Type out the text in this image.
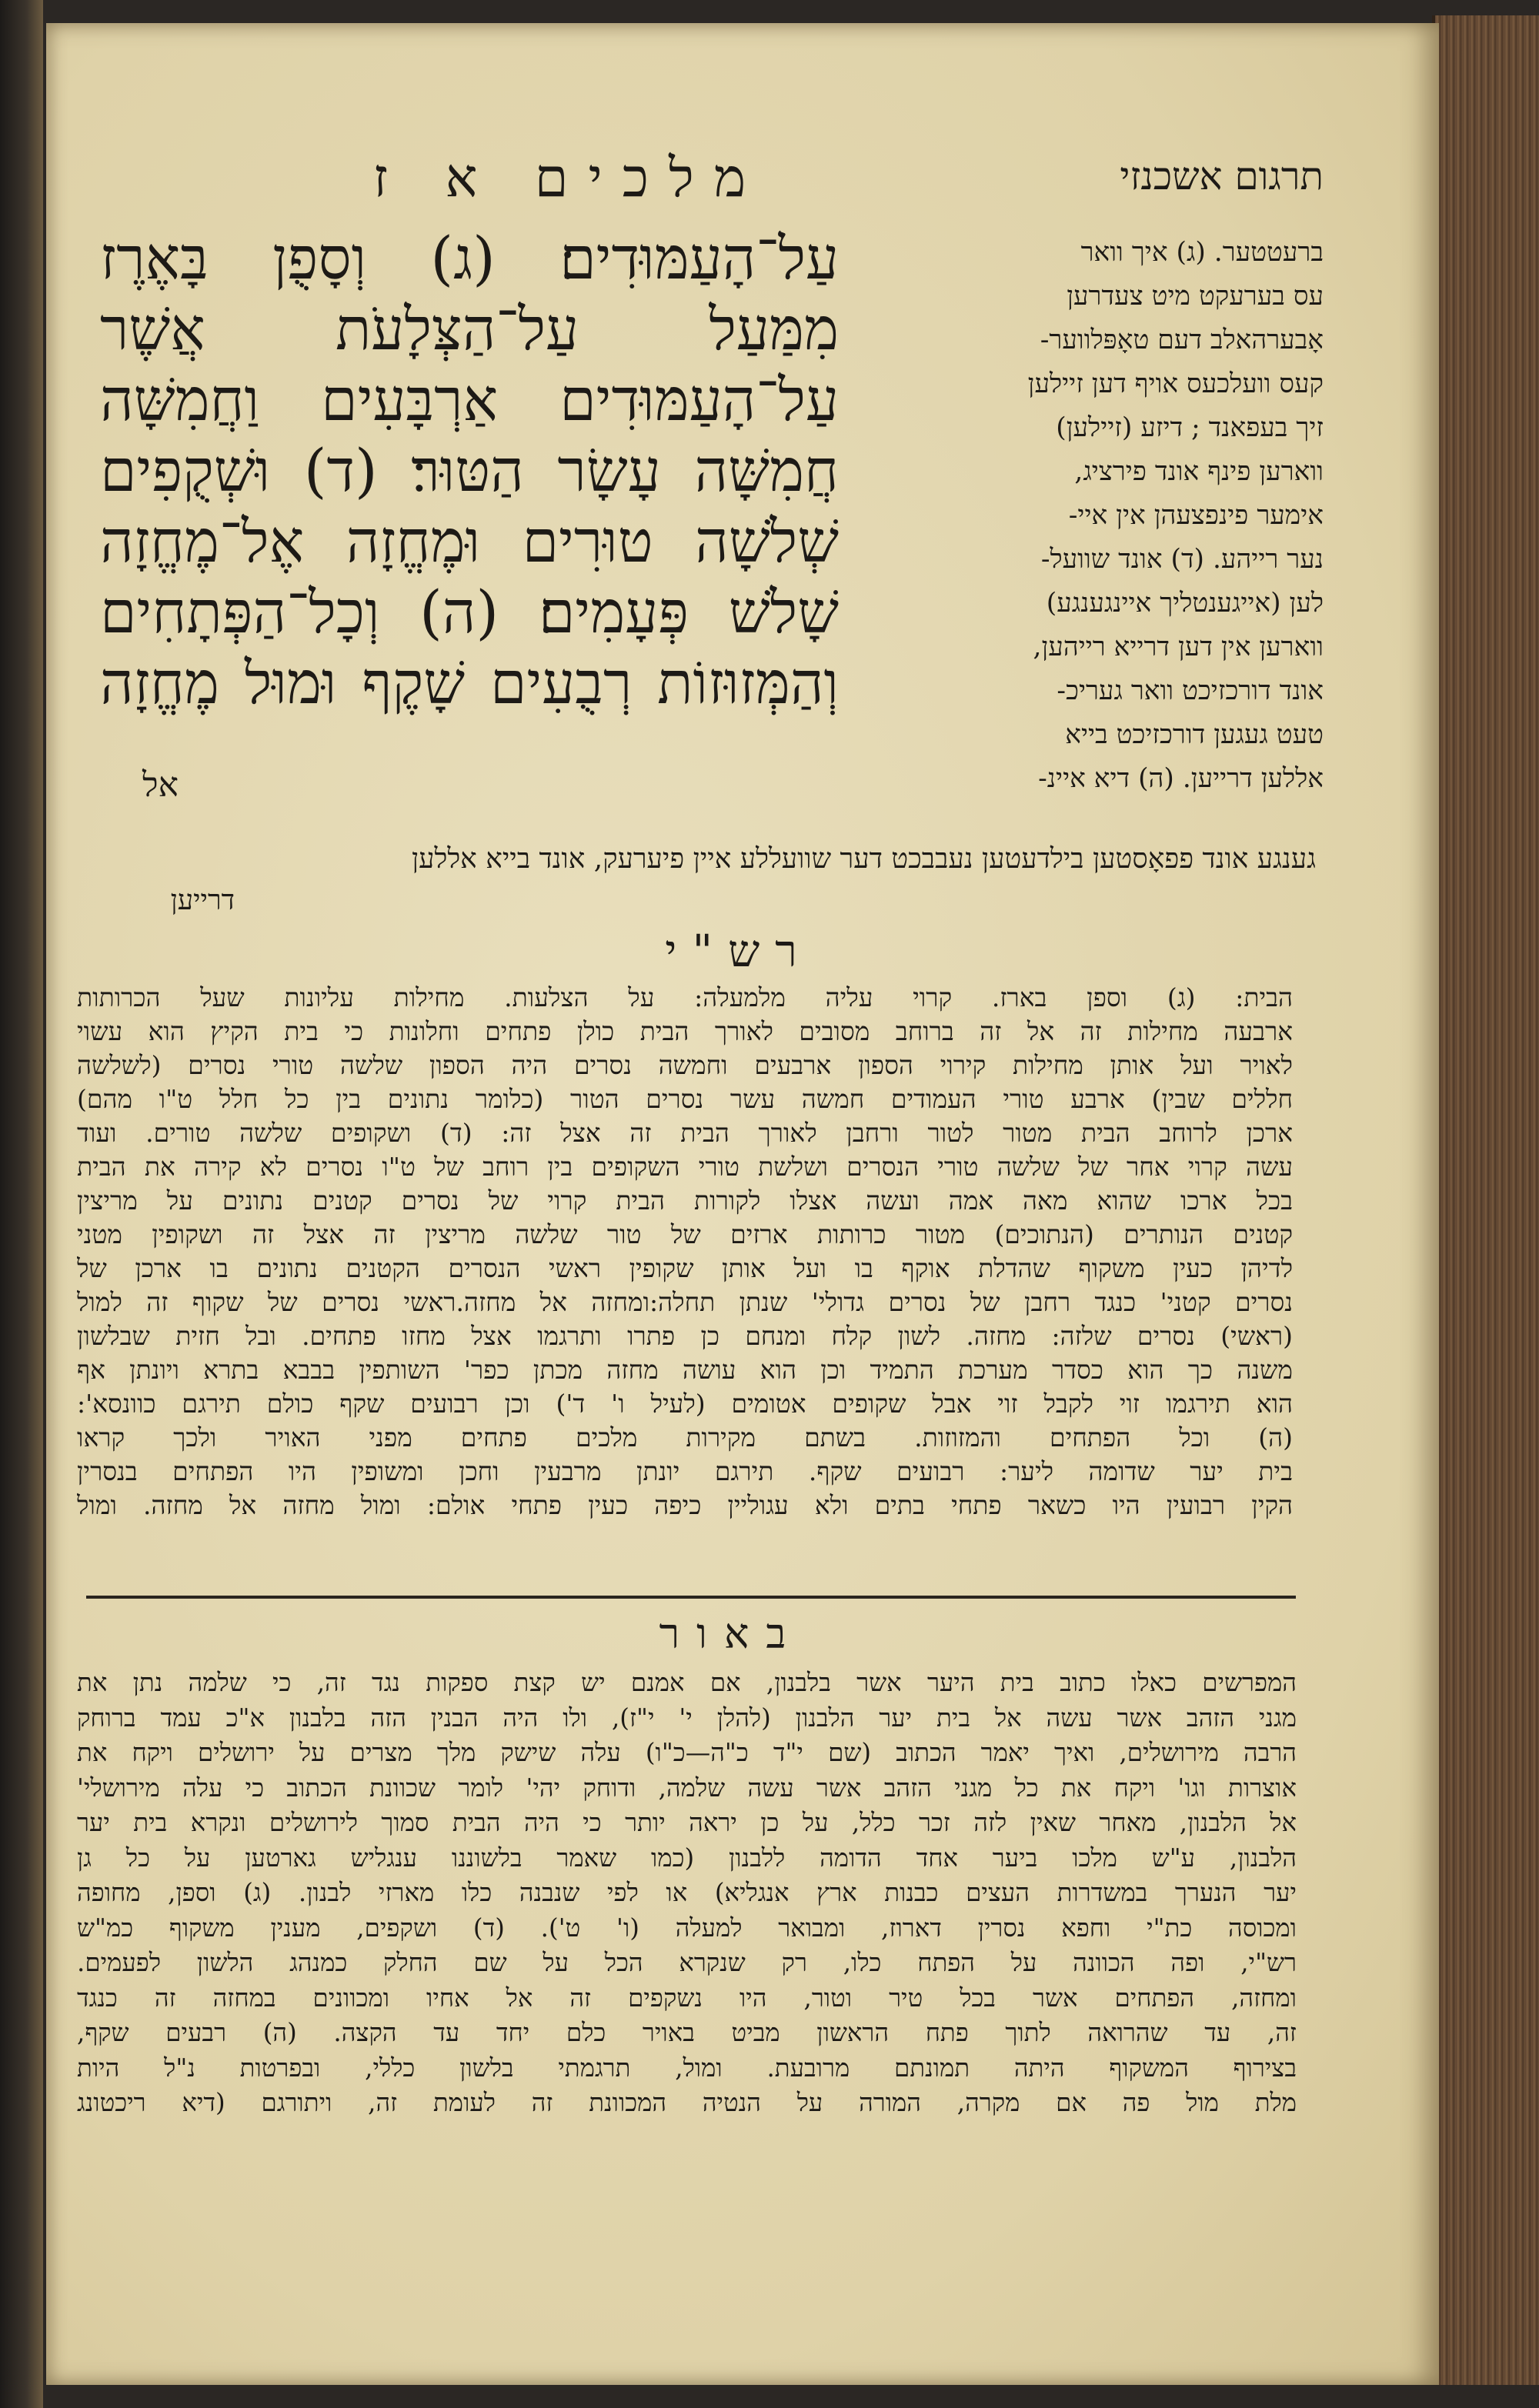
מלכים א ז	תרגום אשכנזי
עַל־הָעַמּוּדִים׃ (ג) וְסָפֻן בָּאֶרֶז מִמַּעַל עַל־הַצְּלָעֹת אֲשֶׁר עַל־הָעַמּוּדִים אַרְבָּעִים וַחֲמִשָּׁה חֲמִשָּׁה עָשָׂר הַטּוּר׃ (ד) וּשְׁקֻפִים שְׁלֹשָׁה טוּרִים וּמֶחֱזָה אֶל־מֶחֱזָה שָׁלֹשׁ פְּעָמִים׃ (ה) וְכָל־הַפְּתָחִים וְהַמְּזוּזוֹת רְבֻעִים שָׁקֶף וּמוּל מֶחֱזָה
אל
ברעטטער. (ג) איך וואר
עס בערעקט מיט צעדרען
אָבערהאלב דעם טאָפּלווער-
קעס וועלכעס אויף דען זיילען
זיך בעפאנד ; דיזע (זיילען)
ווארען פינף אונד פירציג,
אימער פינפצעהן אין איי-
נער רייהע. (ד) אונד שוועל-
לען (אייגענטליך איינגענגע)
ווארען אין דען דרייא רייהען,
אונד דורכזיכט וואר געריכ-
טעט געגען דורכזיכט בייא
אללען דרייען. (ה) דיא איינ-
גענגע אונד פפאָסטען בילדעטען נעבבכט דער שוועללע איין פיערעק, אונד בייא אללען
דרייען
רש"י
הבית: (ג) וספן בארז. קרוי עליה מלמעלה: על הצלעות. מחילות עליונות שעל הכרותות
ארבעה מחילות זה אל זה ברוחב מסובים לאורך הבית כולן פתחים וחלונות כי בית הקיץ הוא עשוי
לאויר ועל אותן מחילות קירוי הספון ארבעים וחמשה נסרים היה הספון שלשה טורי נסרים (לשלשה
חללים שבין) ארבע טורי העמודים חמשה עשר נסרים הטור (כלומר נתונים בין כל חלל ט"ו מהם)
ארכן לרוחב הבית מטור לטור ורחבן לאורך הבית זה אצל זה: (ד) ושקופים שלשה טורים. ועוד
עשה קרוי אחר של שלשה טורי הנסרים ושלשת טורי השקופים בין רוחב של ט"ו נסרים לא קירה את הבית
בכל ארכו שהוא מאה אמה ועשה אצלו לקורות הבית קרוי של נסרים קטנים נתונים על מריצין
קטנים הנותרים (הנתוכים) מטור כרותות ארזים של טור שלשה מריצין זה אצל זה ושקופין מטני
לדיהן כעין משקוף שהדלת אוקף בו ועל אותן שקופין ראשי הנסרים הקטנים נתונים בו ארכן של
נסרים קטני' כנגד רחבן של נסרים גדולי' שנתן תחלה:ומחזה אל מחזה.ראשי נסרים של שקוף זה למול
(ראשי) נסרים שלזה: מחזה. לשון קלח ומנחם כן פתרו ותרגמו אצל מחזו פתחים. ובל חזית שבלשון
משנה כך הוא כסדר מערכת התמיד וכן הוא עושה מחזה מכתן כפר' השותפין בבבא בתרא ויונתן אף
הוא תירגמו זוי לקבל זוי אבל שקופים אטומים (לעיל ו' ד') וכן רבועים שקף כולם תירגם כוונסא':
(ה) וכל הפתחים והמזוזות. בשתם מקירות מלכים פתחים מפני האויר ולכך קראו
בית יער שדומה ליער: רבועים שקף. תירגם יונתן מרבעין וחכן ומשופין היו הפתחים בנסרין
הקין רבועין היו כשאר פתחי בתים ולא עגוליין כיפה כעין פתחי אולם: ומול מחזה אל מחזה. ומול
באור
המפרשים כאלו כתוב בית היער אשר בלבנון, אם אמנם יש קצת ספקות נגד זה, כי שלמה נתן את
מגני הזהב אשר עשה אל בית יער הלבנון (להלן י' י"ז), ולו היה הבנין הזה בלבנון א"כ עמד ברוחק
הרבה מירושלים, ואיך יאמר הכתוב (שם י"ד כ"ה—כ"ו) עלה שישק מלך מצרים על ירושלים ויקח את
אוצרות וגו' ויקח את כל מגני הזהב אשר עשה שלמה, ודוחק יהי' לומר שכוונת הכתוב כי עלה מירושלי'
אל הלבנון, מאחר שאין לזה זכר כלל, על כן יראה יותר כי היה הבית סמוך לירושלים ונקרא בית יער
הלבנון, ע"ש מלכו ביער אחד הדומה ללבנון (כמו שאמר בלשוננו ענגליש גארטען על כל גן
יער הנערך במשדרות העצים כבנות ארץ אנגליא) או לפי שנבנה כלו מארזי לבנון. (ג) וספן, מחופה
ומכוסה כת"י וחפא נסרין דארוז, ומבואר למעלה (ו' ט'). (ד) ושקפים, מענין משקוף כמ"ש
רש"י, ופה הכוונה על הפתח כלו, רק שנקרא הכל על שם החלק כמנהג הלשון לפעמים.
ומחזה, הפתחים אשר בכל טיר וטור, היו נשקפים זה אל אחיו ומכוונים במחזה זה כנגד
זה, עד שהרואה לתוך פתח הראשון מביט באויר כלם יחד עד הקצה. (ה) רבעים שקף,
בצירוף המשקוף היתה תמונתם מרובעת. ומול, תרגמתי בלשון כללי, ובפרטות נ"ל היות
מלת מול פה אם מקרה, המורה על הנטיה המכוונת זה לעומת זה, ויתורגם (דיא ריכטונג
